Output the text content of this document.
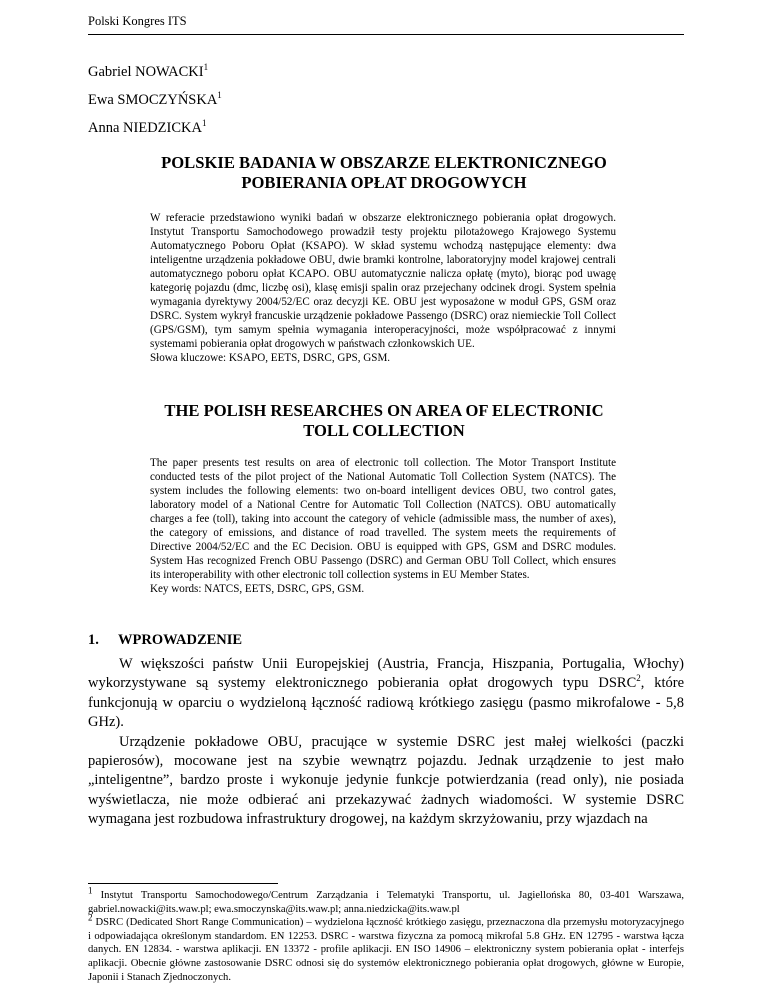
Polski Kongres ITS
Gabriel NOWACKI$^1$
Ewa SMOCZYŃSKA$^1$
Anna NIEDZICKA$^1$
POLSKIE BADANIA W OBSZARZE ELEKTRONICZNEGO
POBIERANIA OPŁAT DROGOWYCH

W referacie przedstawiono wyniki badań w obszarze elektronicznego pobierania opłat drogowych. Instytut Transportu Samochodowego prowadził testy projektu pilotażowego Krajowego Systemu Automatycznego Poboru Opłat (KSAPO). W skład systemu wchodzą następujące elementy: dwa inteligentne urządzenia pokładowe OBU, dwie bramki kontrolne, laboratoryjny model krajowej centrali automatycznego poboru opłat KCAPO. OBU automatycznie nalicza opłatę (myto), biorąc pod uwagę kategorię pojazdu (dmc, liczbę osi), klasę emisji spalin oraz przejechany odcinek drogi. System spełnia wymagania dyrektywy 2004/52/EC oraz decyzji KE. OBU jest wyposażone w moduł GPS, GSM oraz DSRC. System wykrył francuskie urządzenie pokładowe Passengo (DSRC) oraz niemieckie Toll Collect (GPS/GSM), tym samym spełnia wymagania interoperacyjności, może współpracować z innymi systemami pobierania opłat drogowych w państwach członkowskich UE.

Słowa kluczowe: KSAPO, EETS, DSRC, GPS, GSM.

THE POLISH RESEARCHES ON AREA OF ELECTRONIC
TOLL COLLECTION

The paper presents test results on area of electronic toll collection. The Motor Transport Institute conducted tests of the pilot project of the National Automatic Toll Collection System (NATCS). The system includes the following elements: two on-board intelligent devices OBU, two control gates, laboratory model of a National Centre for Automatic Toll Collection (NATCS). OBU automatically charges a fee (toll), taking into account the category of vehicle (admissible mass, the number of axes), the category of emissions, and distance of road travelled. The system meets the requirements of Directive 2004/52/EC and the EC Decision. OBU is equipped with GPS, GSM and DSRC modules. System Has recognized French OBU Passengo (DSRC) and German OBU Toll Collect, which ensures its interoperability with other electronic toll collection systems in EU Member States.

Key words: NATCS, EETS, DSRC, GPS, GSM.

1. WPROWADZENIE

W większości państw Unii Europejskiej (Austria, Francja, Hiszpania, Portugalia, Włochy) wykorzystywane są systemy elektronicznego pobierania opłat drogowych typu DSRC$^2$, które funkcjonują w oparciu o wydzieloną łączność radiową krótkiego zasięgu (pasmo mikrofalowe - 5,8 GHz).

Urządzenie pokładowe OBU, pracujące w systemie DSRC jest małej wielkości (paczki papierosów), mocowane jest na szybie wewnątrz pojazdu. Jednak urządzenie to jest mało „inteligentne”, bardzo proste i wykonuje jedynie funkcje potwierdzania (read only), nie posiada wyświetlacza, nie może odbierać ani przekazywać żadnych wiadomości. W systemie DSRC wymagana jest rozbudowa infrastruktury drogowej, na każdym skrzyżowaniu, przy wjazdach na

$^1$ Instytut Transportu Samochodowego/Centrum Zarządzania i Telematyki Transportu, ul. Jagiellońska 80, 03-401 Warszawa, gabriel.nowacki@its.waw.pl; ewa.smoczynska@its.waw.pl; anna.niedzicka@its.waw.pl

$^2$ DSRC (Dedicated Short Range Communication) – wydzielona łączność krótkiego zasięgu, przeznaczona dla przemysłu motoryzacyjnego i odpowiadająca określonym standardom. EN 12253. DSRC - warstwa fizyczna za pomocą mikrofal 5.8 GHz. EN 12795 - warstwa łącza danych. EN 12834. - warstwa aplikacji. EN 13372 - profile aplikacji. EN ISO 14906 – elektroniczny system pobierania opłat - interfejs aplikacji. Obecnie główne zastosowanie DSRC odnosi się do systemów elektronicznego pobierania opłat drogowych, główne w Europie, Japonii i Stanach Zjednoczonych.
